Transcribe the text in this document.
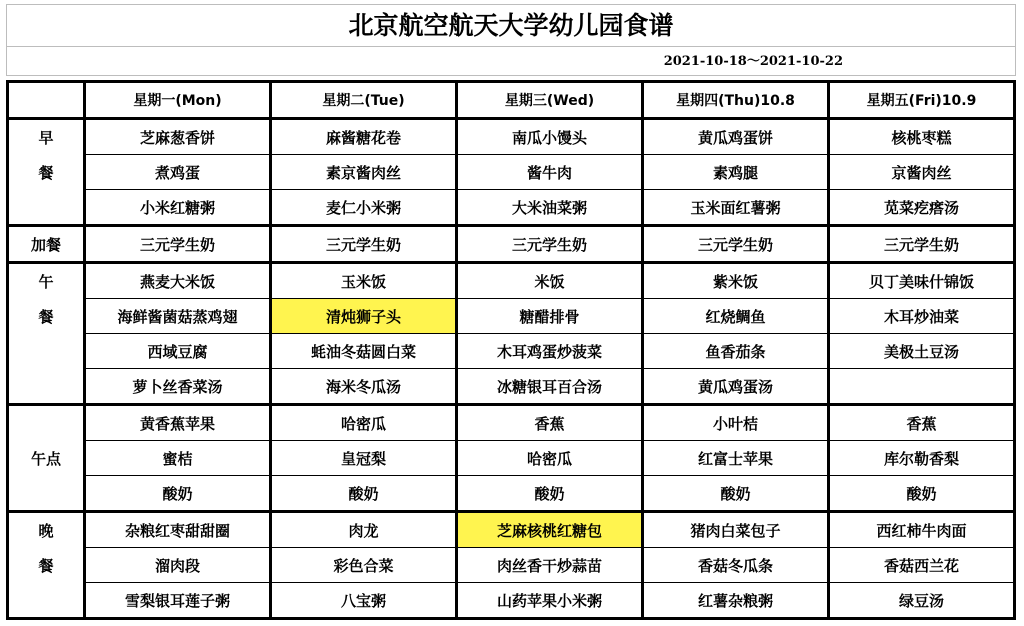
北京航空航天大学幼儿园食谱
2021-10-18～2021-10-22
	星期一(Mon)	星期二(Tue)	星期三(Wed)	星期四(Thu)10.8	星期五(Fri)10.9
早	芝麻葱香饼	麻酱糖花卷	南瓜小馒头	黄瓜鸡蛋饼	核桃枣糕
餐	煮鸡蛋	素京酱肉丝	酱牛肉	素鸡腿	京酱肉丝
	小米红糖粥	麦仁小米粥	大米油菜粥	玉米面红薯粥	苋菜疙瘩汤
加餐	三元学生奶	三元学生奶	三元学生奶	三元学生奶	三元学生奶
午	燕麦大米饭	玉米饭	米饭	紫米饭	贝丁美味什锦饭
餐	海鲜酱菌菇蒸鸡翅	清炖狮子头	糖醋排骨	红烧鲷鱼	木耳炒油菜
	西域豆腐	蚝油冬菇圆白菜	木耳鸡蛋炒菠菜	鱼香茄条	美极土豆汤
	萝卜丝香菜汤	海米冬瓜汤	冰糖银耳百合汤	黄瓜鸡蛋汤	
	黄香蕉苹果	哈密瓜	香蕉	小叶桔	香蕉
午点	蜜桔	皇冠梨	哈密瓜	红富士苹果	库尔勒香梨
	酸奶	酸奶	酸奶	酸奶	酸奶
晚	杂粮红枣甜甜圈	肉龙	芝麻核桃红糖包	猪肉白菜包子	西红柿牛肉面
餐	溜肉段	彩色合菜	肉丝香干炒蒜苗	香菇冬瓜条	香菇西兰花
	雪梨银耳莲子粥	八宝粥	山药苹果小米粥	红薯杂粮粥	绿豆汤
